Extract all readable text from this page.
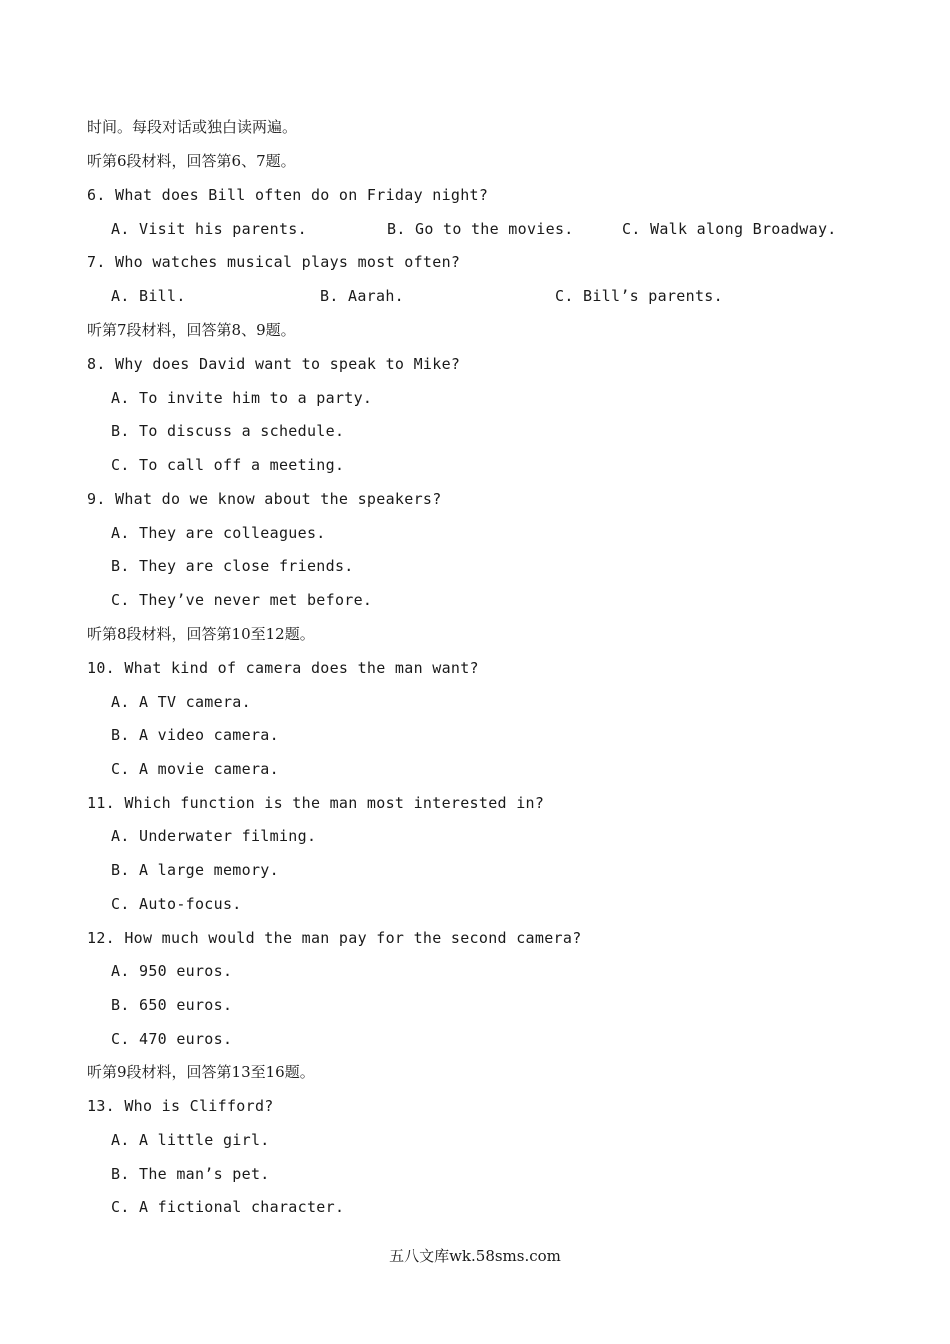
时间。每段对话或独白读两遍。
听第6段材料，回答第6、7题。
6. What does Bill often do on Friday night?
A. Visit his parents.	B. Go to the movies.	C. Walk along Broadway.
7. Who watches musical plays most often?
A. Bill.	B. Aarah.	C. Bill’s parents.
听第7段材料，回答第8、9题。
8. Why does David want to speak to Mike?
A. To invite him to a party.
B. To discuss a schedule.
C. To call off a meeting.
9. What do we know about the speakers?
A. They are colleagues.
B. They are close friends.
C. They’ve never met before.
听第8段材料，回答第10至12题。
10. What kind of camera does the man want?
A. A TV camera.
B. A video camera.
C. A movie camera.
11. Which function is the man most interested in?
A. Underwater filming.
B. A large memory.
C. Auto-focus.
12. How much would the man pay for the second camera?
A. 950 euros.
B. 650 euros.
C. 470 euros.
听第9段材料，回答第13至16题。
13. Who is Clifford?
A. A little girl.
B. The man’s pet.
C. A fictional character.
五八文库wk.58sms.com
